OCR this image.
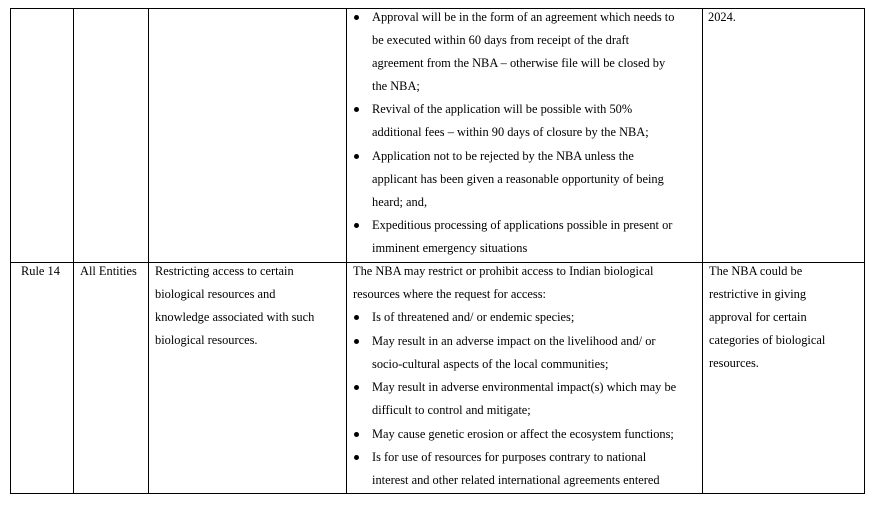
Approval will be in the form of an agreement which needs to
be executed within 60 days from receipt of the draft
agreement from the NBA – otherwise file will be closed by
the NBA;
Revival of the application will be possible with 50%
additional fees – within 90 days of closure by the NBA;
Application not to be rejected by the NBA unless the
applicant has been given a reasonable opportunity of being
heard; and,
Expeditious processing of applications possible in present or
imminent emergency situations
2024.
Rule 14 All Entities Restricting access to certain
biological resources and
knowledge associated with such
biological resources.
The NBA may restrict or prohibit access to Indian biological
resources where the request for access:
Is of threatened and/ or endemic species;
May result in an adverse impact on the livelihood and/ or
socio-cultural aspects of the local communities;
May result in adverse environmental impact(s) which may be
difficult to control and mitigate;
May cause genetic erosion or affect the ecosystem functions;
Is for use of resources for purposes contrary to national
interest and other related international agreements entered
The NBA could be
restrictive in giving
approval for certain
categories of biological
resources.
